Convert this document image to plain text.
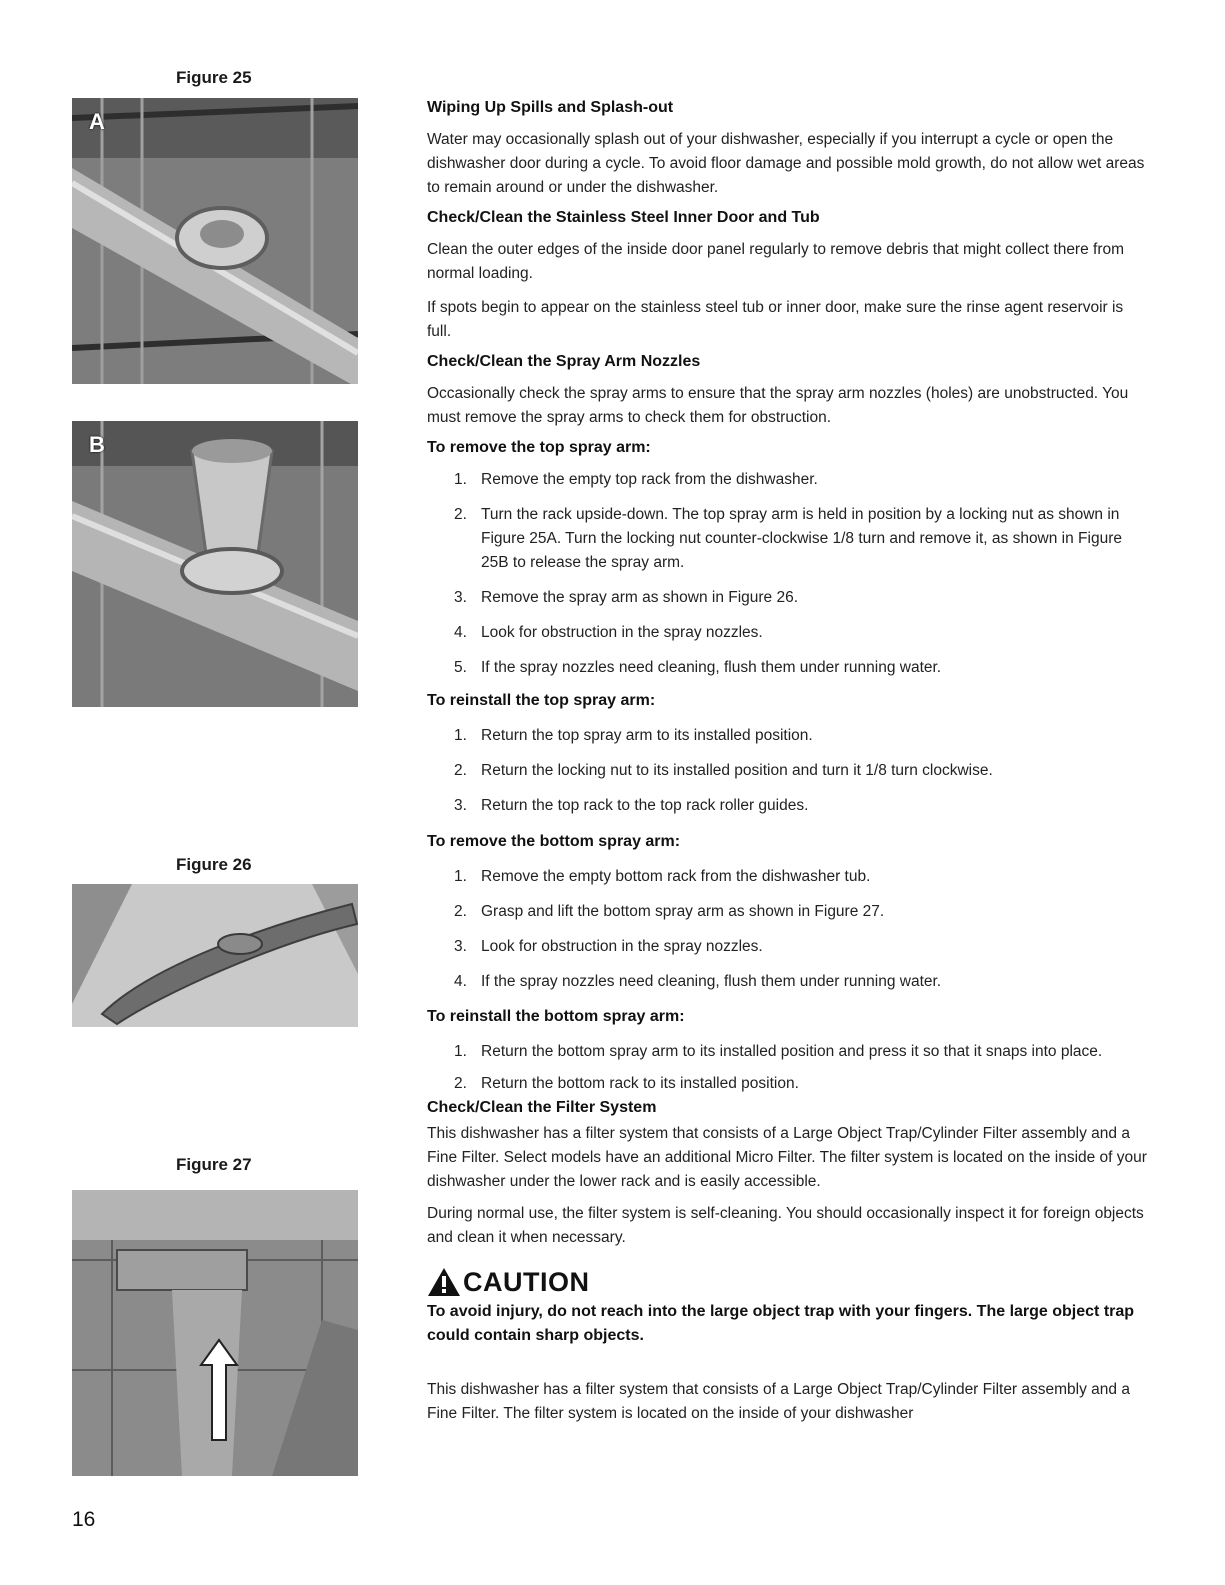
Figure 25
A
B
Figure 26
Figure 27
Wiping Up Spills and Splash-out

Water may occasionally splash out of your dishwasher, especially if you interrupt a cycle or open the dishwasher door during a cycle. To avoid floor damage and possible mold growth, do not allow wet areas to remain around or under the dishwasher.

Check/Clean the Stainless Steel Inner Door and Tub

Clean the outer edges of the inside door panel regularly to remove debris that might collect there from normal loading.

If spots begin to appear on the stainless steel tub or inner door, make sure the rinse agent reservoir is full.

Check/Clean the Spray Arm Nozzles

Occasionally check the spray arms to ensure that the spray arm nozzles (holes) are unobstructed. You must remove the spray arms to check them for obstruction.

To remove the top spray arm:
1. Remove the empty top rack from the dishwasher.
2. Turn the rack upside-down. The top spray arm is held in position by a locking nut as shown in Figure 25A. Turn the locking nut counter-clockwise 1/8 turn and remove it, as shown in Figure 25B to release the spray arm.
3. Remove the spray arm as shown in Figure 26.
4. Look for obstruction in the spray nozzles.
5. If the spray nozzles need cleaning, flush them under running water.
To reinstall the top spray arm:
1. Return the top spray arm to its installed position.
2. Return the locking nut to its installed position and turn it 1/8 turn clockwise.
3. Return the top rack to the top rack roller guides.
To remove the bottom spray arm:
1. Remove the empty bottom rack from the dishwasher tub.
2. Grasp and lift the bottom spray arm as shown in Figure 27.
3. Look for obstruction in the spray nozzles.
4. If the spray nozzles need cleaning, flush them under running water.
To reinstall the bottom spray arm:
1. Return the bottom spray arm to its installed position and press it so that it snaps into place.
2. Return the bottom rack to its installed position.
Check/Clean the Filter System

This dishwasher has a filter system that consists of a Large Object Trap/Cylinder Filter assembly and a Fine Filter. Select models have an additional Micro Filter. The filter system is located on the inside of your dishwasher under the lower rack and is easily accessible.

During normal use, the filter system is self-cleaning. You should occasionally inspect it for foreign objects and clean it when necessary.

CAUTION

To avoid injury, do not reach into the large object trap with your fingers. The large object trap could contain sharp objects.

This dishwasher has a filter system that consists of a Large Object Trap/Cylinder Filter assembly and a Fine Filter. The filter system is located on the inside of your dishwasher

16
